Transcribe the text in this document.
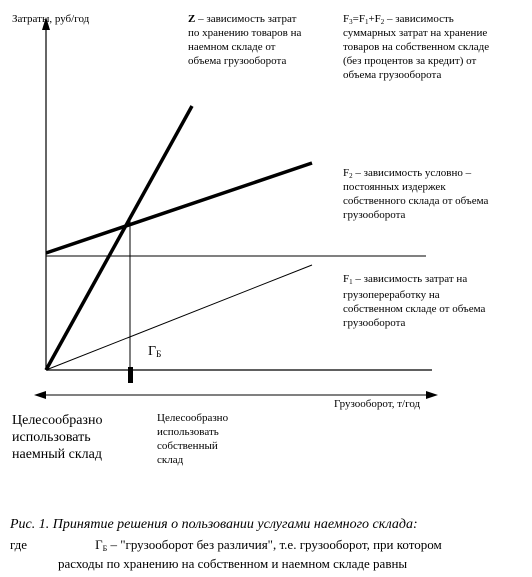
Затраты, руб/год
Грузооборот, т/год
Z – зависимость затрат
по хранению товаров на
наемном складе от
объема грузооборота
$F_3=F_1+F_2$ – зависимость
суммарных затрат на хранение
товаров на собственном складе
(без процентов за кредит) от
объема грузооборота
$F_2$ – зависимость условно –
постоянных издержек
собственного склада от объема
грузооборота
$F_1$ – зависимость затрат на
грузопереработку на
собственном складе от объема
грузооборота
$Г_Б$
Целесообразно
использовать
наемный склад
Целесообразно
использовать
собственный
склад
Рис. 1. Принятие решения о пользовании услугами наемного склада:
где	$Г_Б$ – "грузооборот без различия", т.е. грузооборот, при котором
расходы по хранению на собственном и наемном складе равны
